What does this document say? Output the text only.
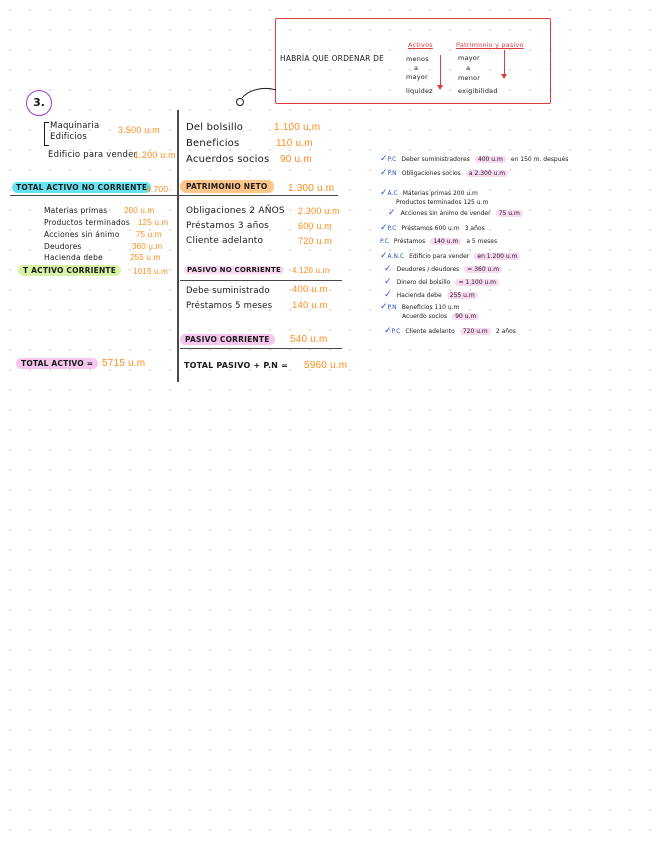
3.
HABRÍA QUE ORDENAR DE
Activos	Patrimonio y pasivo
menos
a
mayor
liquidez
mayor
a
menor
exigibilidad
Maquinaria
Edificios
3.500 u.m
Edificio para vender
1.200 u.m
TOTAL ACTIVO NO CORRIENTE
4.700
Materias primas 200 u.m
Productos terminados 125 u.m
Acciones sin ánimo 75 u.m
Deudores	360 u.m
Hacienda debe	255 u.m
T ACTIVO CORRIENTE	1015 u.m
TOTAL ACTIVO = 5715 u.m
Del bolsillo	1.100 u.m
Beneficios	110 u.m
Acuerdos socios 90 u.m
PATRIMONIO NETO	1.300 u.m
Obligaciones 2 AÑOS 2.300 u.m
Préstamos 3 años	600 u.m
Cliente adelanto	720 u.m
PASIVO NO CORRIENTE	4.120 u.m
Debe suministrado 400 u.m
Préstamos 5 meses 140 u.m
PASIVO CORRIENTE	540 u.m
TOTAL PASIVO + P.N = 5960 u.m
✓P.C Deber suministradores 400 u.m en 150 m. después
✓P.N Obligaciones socios a 2.300 u.m
✓A.C Materias primas 200 u.m
Productos terminados 125 u.m
✓ Acciones sin ánimo de vender 75 u.m
✓P.C Préstamos 600 u.m 3 años
P.C Préstamos 140 u.m a 5 meses
✓A.N.C Edificio para vender en 1.200 u.m
✓ Deudores / deudores = 360 u.m
✓ Dinero del bolsillo = 1.100 u.m
✓ Hacienda debe 255 u.m
✓P.N Beneficios 110 u.m
Acuerdo socios 90 u.m
✓P.C Cliente adelanto 720 u.m 2 años
